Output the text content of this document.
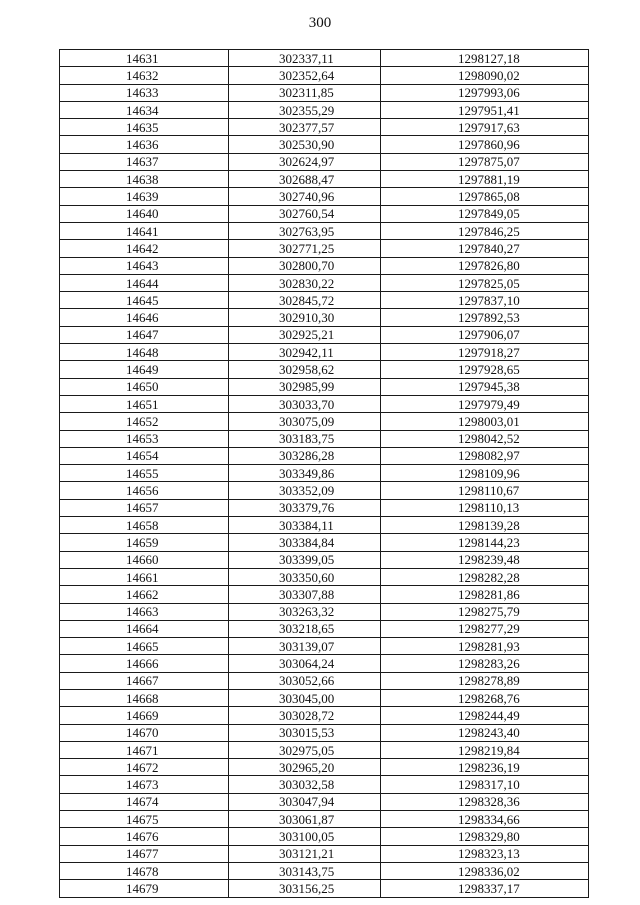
300
14631	302337,11	1298127,18
14632	302352,64	1298090,02
14633	302311,85	1297993,06
14634	302355,29	1297951,41
14635	302377,57	1297917,63
14636	302530,90	1297860,96
14637	302624,97	1297875,07
14638	302688,47	1297881,19
14639	302740,96	1297865,08
14640	302760,54	1297849,05
14641	302763,95	1297846,25
14642	302771,25	1297840,27
14643	302800,70	1297826,80
14644	302830,22	1297825,05
14645	302845,72	1297837,10
14646	302910,30	1297892,53
14647	302925,21	1297906,07
14648	302942,11	1297918,27
14649	302958,62	1297928,65
14650	302985,99	1297945,38
14651	303033,70	1297979,49
14652	303075,09	1298003,01
14653	303183,75	1298042,52
14654	303286,28	1298082,97
14655	303349,86	1298109,96
14656	303352,09	1298110,67
14657	303379,76	1298110,13
14658	303384,11	1298139,28
14659	303384,84	1298144,23
14660	303399,05	1298239,48
14661	303350,60	1298282,28
14662	303307,88	1298281,86
14663	303263,32	1298275,79
14664	303218,65	1298277,29
14665	303139,07	1298281,93
14666	303064,24	1298283,26
14667	303052,66	1298278,89
14668	303045,00	1298268,76
14669	303028,72	1298244,49
14670	303015,53	1298243,40
14671	302975,05	1298219,84
14672	302965,20	1298236,19
14673	303032,58	1298317,10
14674	303047,94	1298328,36
14675	303061,87	1298334,66
14676	303100,05	1298329,80
14677	303121,21	1298323,13
14678	303143,75	1298336,02
14679	303156,25	1298337,17
